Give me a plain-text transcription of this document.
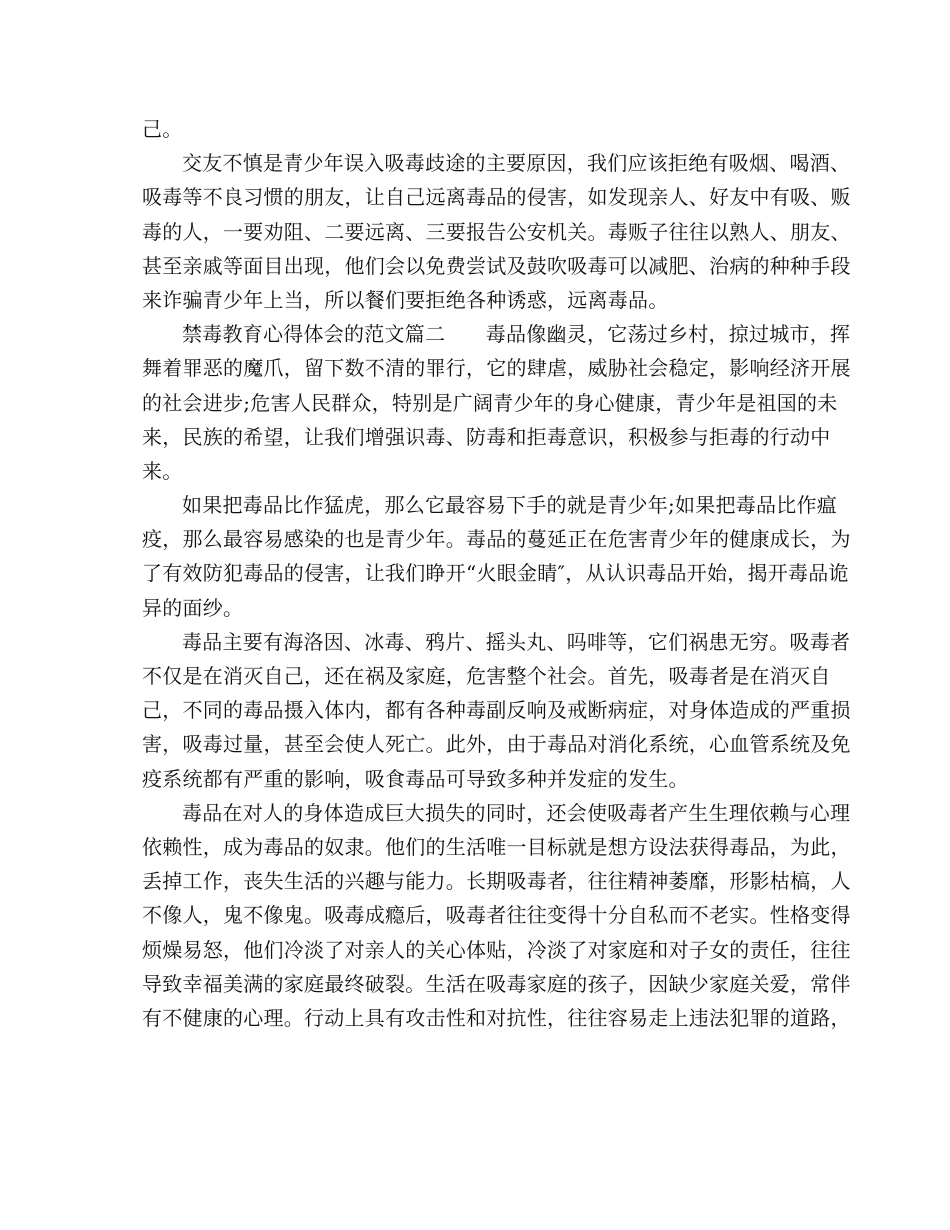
己。
交友不慎是青少年误入吸毒歧途的主要原因，我们应该拒绝有吸烟、喝酒、
吸毒等不良习惯的朋友，让自己远离毒品的侵害，如发现亲人、好友中有吸、贩
毒的人，一要劝阻、二要远离、三要报告公安机关。毒贩子往往以熟人、朋友、
甚至亲戚等面目出现，他们会以免费尝试及鼓吹吸毒可以减肥、治病的种种手段
来诈骗青少年上当，所以餐们要拒绝各种诱惑，远离毒品。
禁毒教育心得体会的范文篇二　　毒品像幽灵，它荡过乡村，掠过城市，挥
舞着罪恶的魔爪，留下数不清的罪行，它的肆虐，威胁社会稳定，影响经济开展
的社会进步;危害人民群众，特别是广阔青少年的身心健康，青少年是祖国的未
来，民族的希望，让我们增强识毒、防毒和拒毒意识，积极参与拒毒的行动中
来。
如果把毒品比作猛虎，那么它最容易下手的就是青少年;如果把毒品比作瘟
疫，那么最容易感染的也是青少年。毒品的蔓延正在危害青少年的健康成长，为
了有效防犯毒品的侵害，让我们睁开“火眼金睛″，从认识毒品开始，揭开毒品诡
异的面纱。
毒品主要有海洛因、冰毒、鸦片、摇头丸、吗啡等，它们祸患无穷。吸毒者
不仅是在消灭自己，还在祸及家庭，危害整个社会。首先，吸毒者是在消灭自
己，不同的毒品摄入体内，都有各种毒副反响及戒断病症，对身体造成的严重损
害，吸毒过量，甚至会使人死亡。此外，由于毒品对消化系统，心血管系统及免
疫系统都有严重的影响，吸食毒品可导致多种并发症的发生。
毒品在对人的身体造成巨大损失的同时，还会使吸毒者产生生理依赖与心理
依赖性，成为毒品的奴隶。他们的生活唯一目标就是想方设法获得毒品，为此，
丢掉工作，丧失生活的兴趣与能力。长期吸毒者，往往精神萎靡，形影枯槁，人
不像人，鬼不像鬼。吸毒成瘾后，吸毒者往往变得十分自私而不老实。性格变得
烦燥易怒，他们冷淡了对亲人的关心体贴，冷淡了对家庭和对子女的责任，往往
导致幸福美满的家庭最终破裂。生活在吸毒家庭的孩子，因缺少家庭关爱，常伴
有不健康的心理。行动上具有攻击性和对抗性，往往容易走上违法犯罪的道路，
